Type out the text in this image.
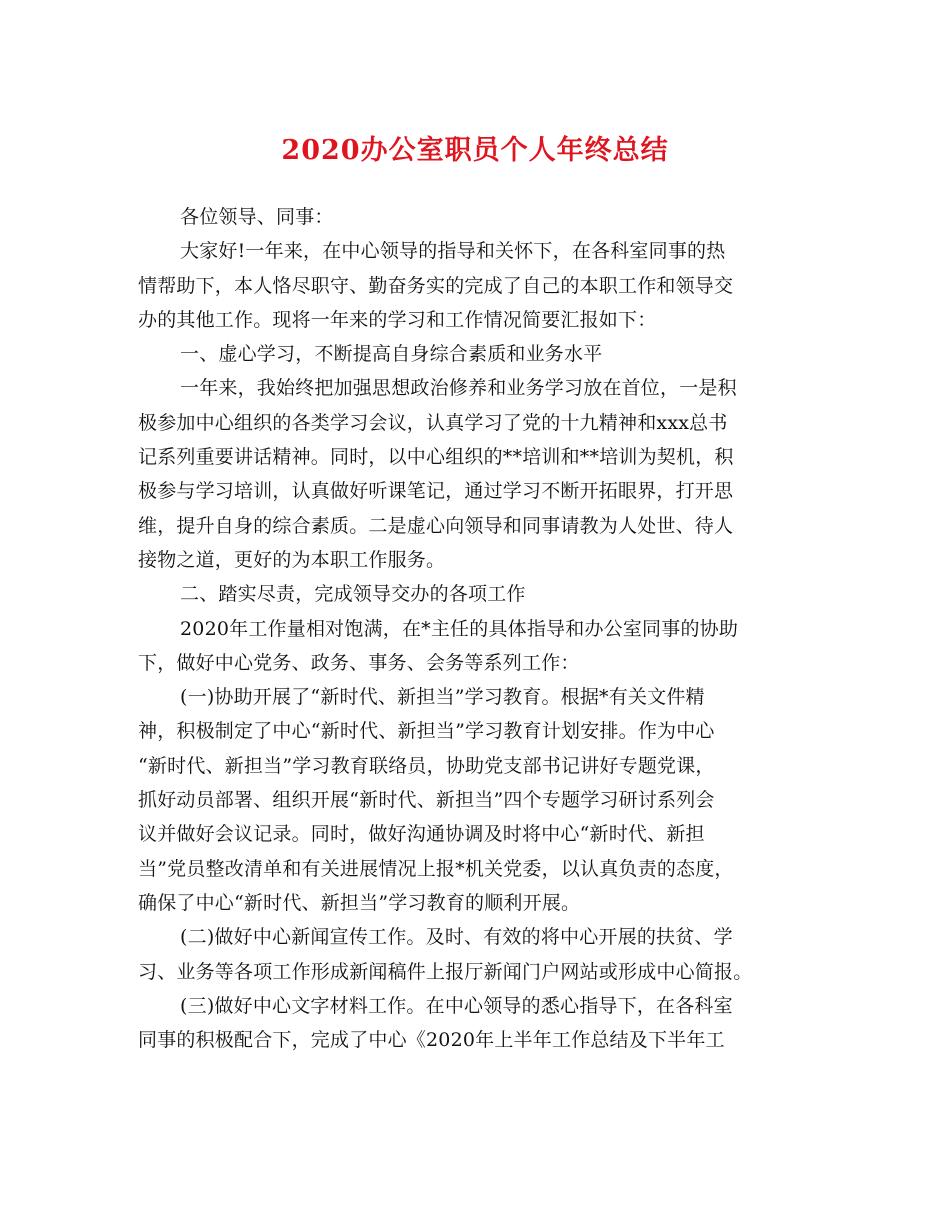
2020办公室职员个人年终总结
各位领导、同事：
大家好!一年来，在中心领导的指导和关怀下，在各科室同事的热
情帮助下，本人恪尽职守、勤奋务实的完成了自己的本职工作和领导交
办的其他工作。现将一年来的学习和工作情况简要汇报如下：
一、虚心学习，不断提高自身综合素质和业务水平
一年来，我始终把加强思想政治修养和业务学习放在首位，一是积
极参加中心组织的各类学习会议，认真学习了党的十九精神和xxx总书
记系列重要讲话精神。同时，以中心组织的**培训和**培训为契机，积
极参与学习培训，认真做好听课笔记，通过学习不断开拓眼界，打开思
维，提升自身的综合素质。二是虚心向领导和同事请教为人处世、待人
接物之道，更好的为本职工作服务。
二、踏实尽责，完成领导交办的各项工作
2020年工作量相对饱满，在*主任的具体指导和办公室同事的协助
下，做好中心党务、政务、事务、会务等系列工作：
(一)协助开展了“新时代、新担当”学习教育。根据*有关文件精
神，积极制定了中心“新时代、新担当”学习教育计划安排。作为中心
“新时代、新担当”学习教育联络员，协助党支部书记讲好专题党课，
抓好动员部署、组织开展“新时代、新担当”四个专题学习研讨系列会
议并做好会议记录。同时，做好沟通协调及时将中心“新时代、新担
当”党员整改清单和有关进展情况上报*机关党委，以认真负责的态度，
确保了中心“新时代、新担当”学习教育的顺利开展。
(二)做好中心新闻宣传工作。及时、有效的将中心开展的扶贫、学
习、业务等各项工作形成新闻稿件上报厅新闻门户网站或形成中心简报。
(三)做好中心文字材料工作。在中心领导的悉心指导下，在各科室
同事的积极配合下，完成了中心《2020年上半年工作总结及下半年工
